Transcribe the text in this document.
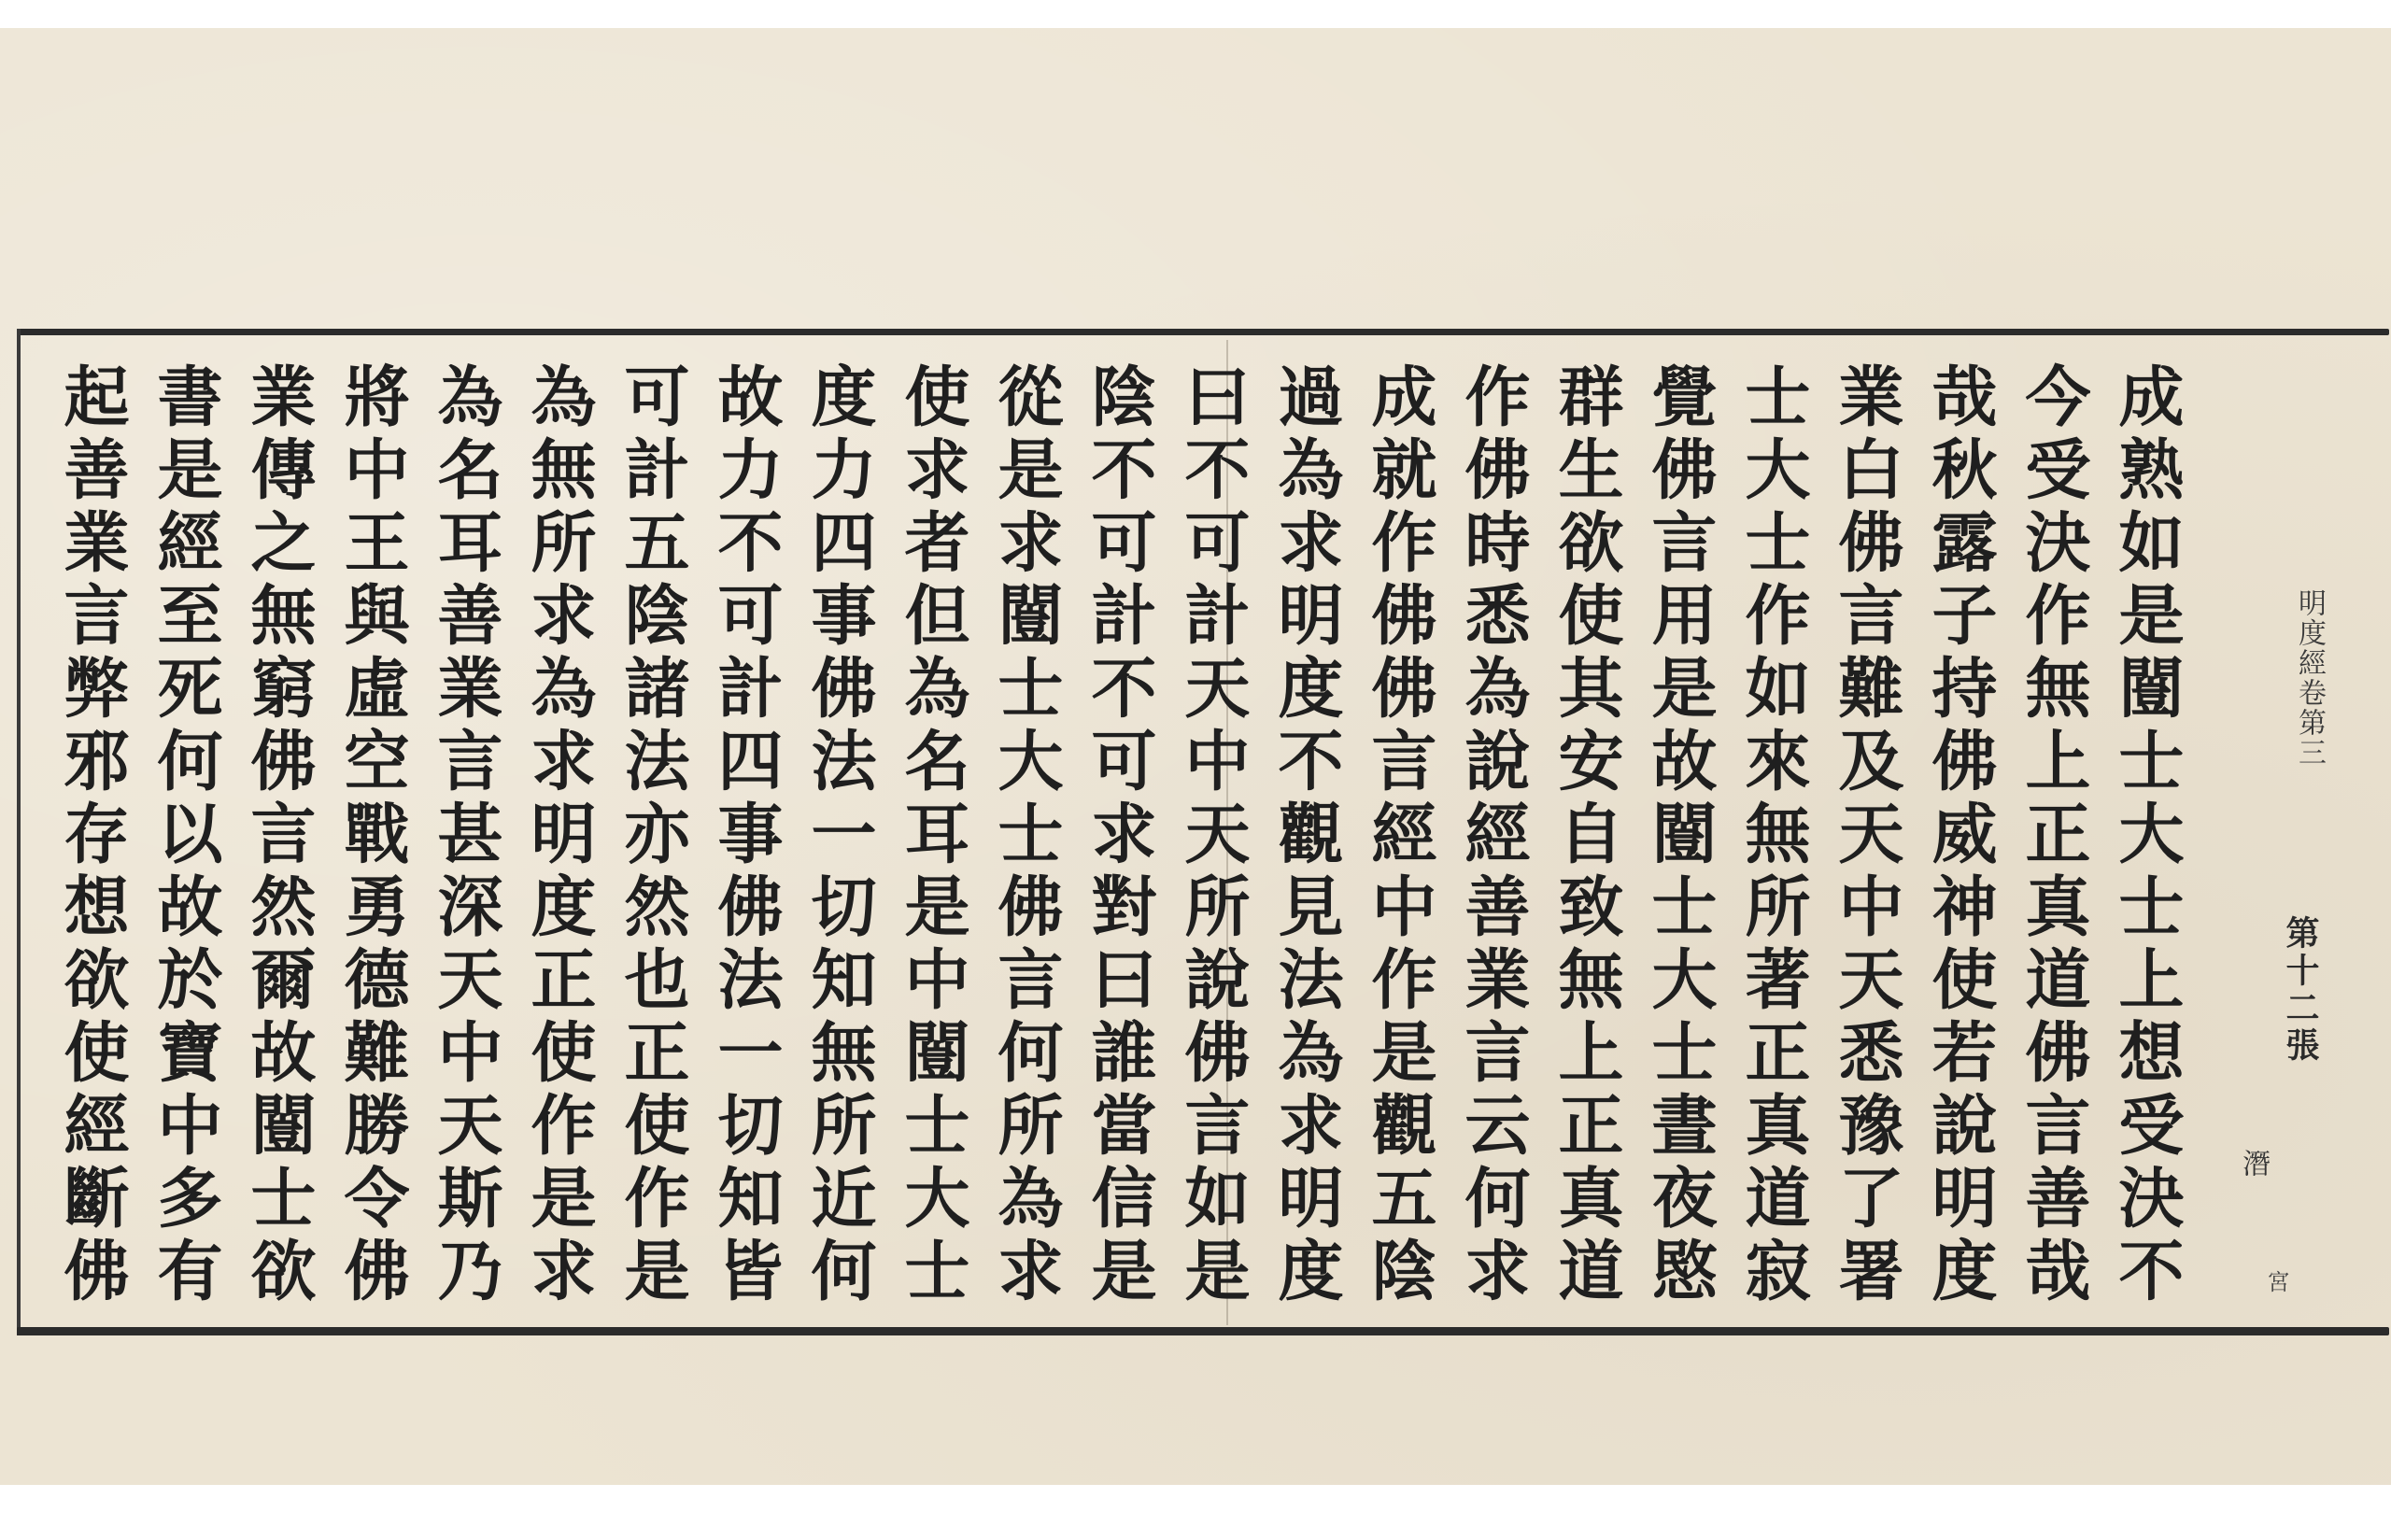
成熟如是闓士大士上想受決不
今受決作無上正真道佛言善哉
哉秋露子持佛威神使若說明度
業白佛言難及天中天悉豫了署
士大士作如來無所著正真道寂
覺佛言用是故闓士大士晝夜愍
群生欲使其安自致無上正真道
作佛時悉為說經善業言云何求
成就作佛佛言經中作是觀五陰
過為求明度不觀見法為求明度
曰不可計天中天所說佛言如是
陰不可計不可求對曰誰當信是
從是求闓士大士佛言何所為求
使求者但為名耳是中闓士大士
度力四事佛法一切知無所近何
故力不可計四事佛法一切知皆
可計五陰諸法亦然也正使作是
為無所求為求明度正使作是求
為名耳善業言甚深天中天斯乃
將中王與虛空戰勇德難勝令佛
業傳之無窮佛言然爾故闓士欲
書是經至死何以故於寶中多有
起善業言弊邪存想欲使經斷佛
明度經卷第三
第十二張
潛
宮
